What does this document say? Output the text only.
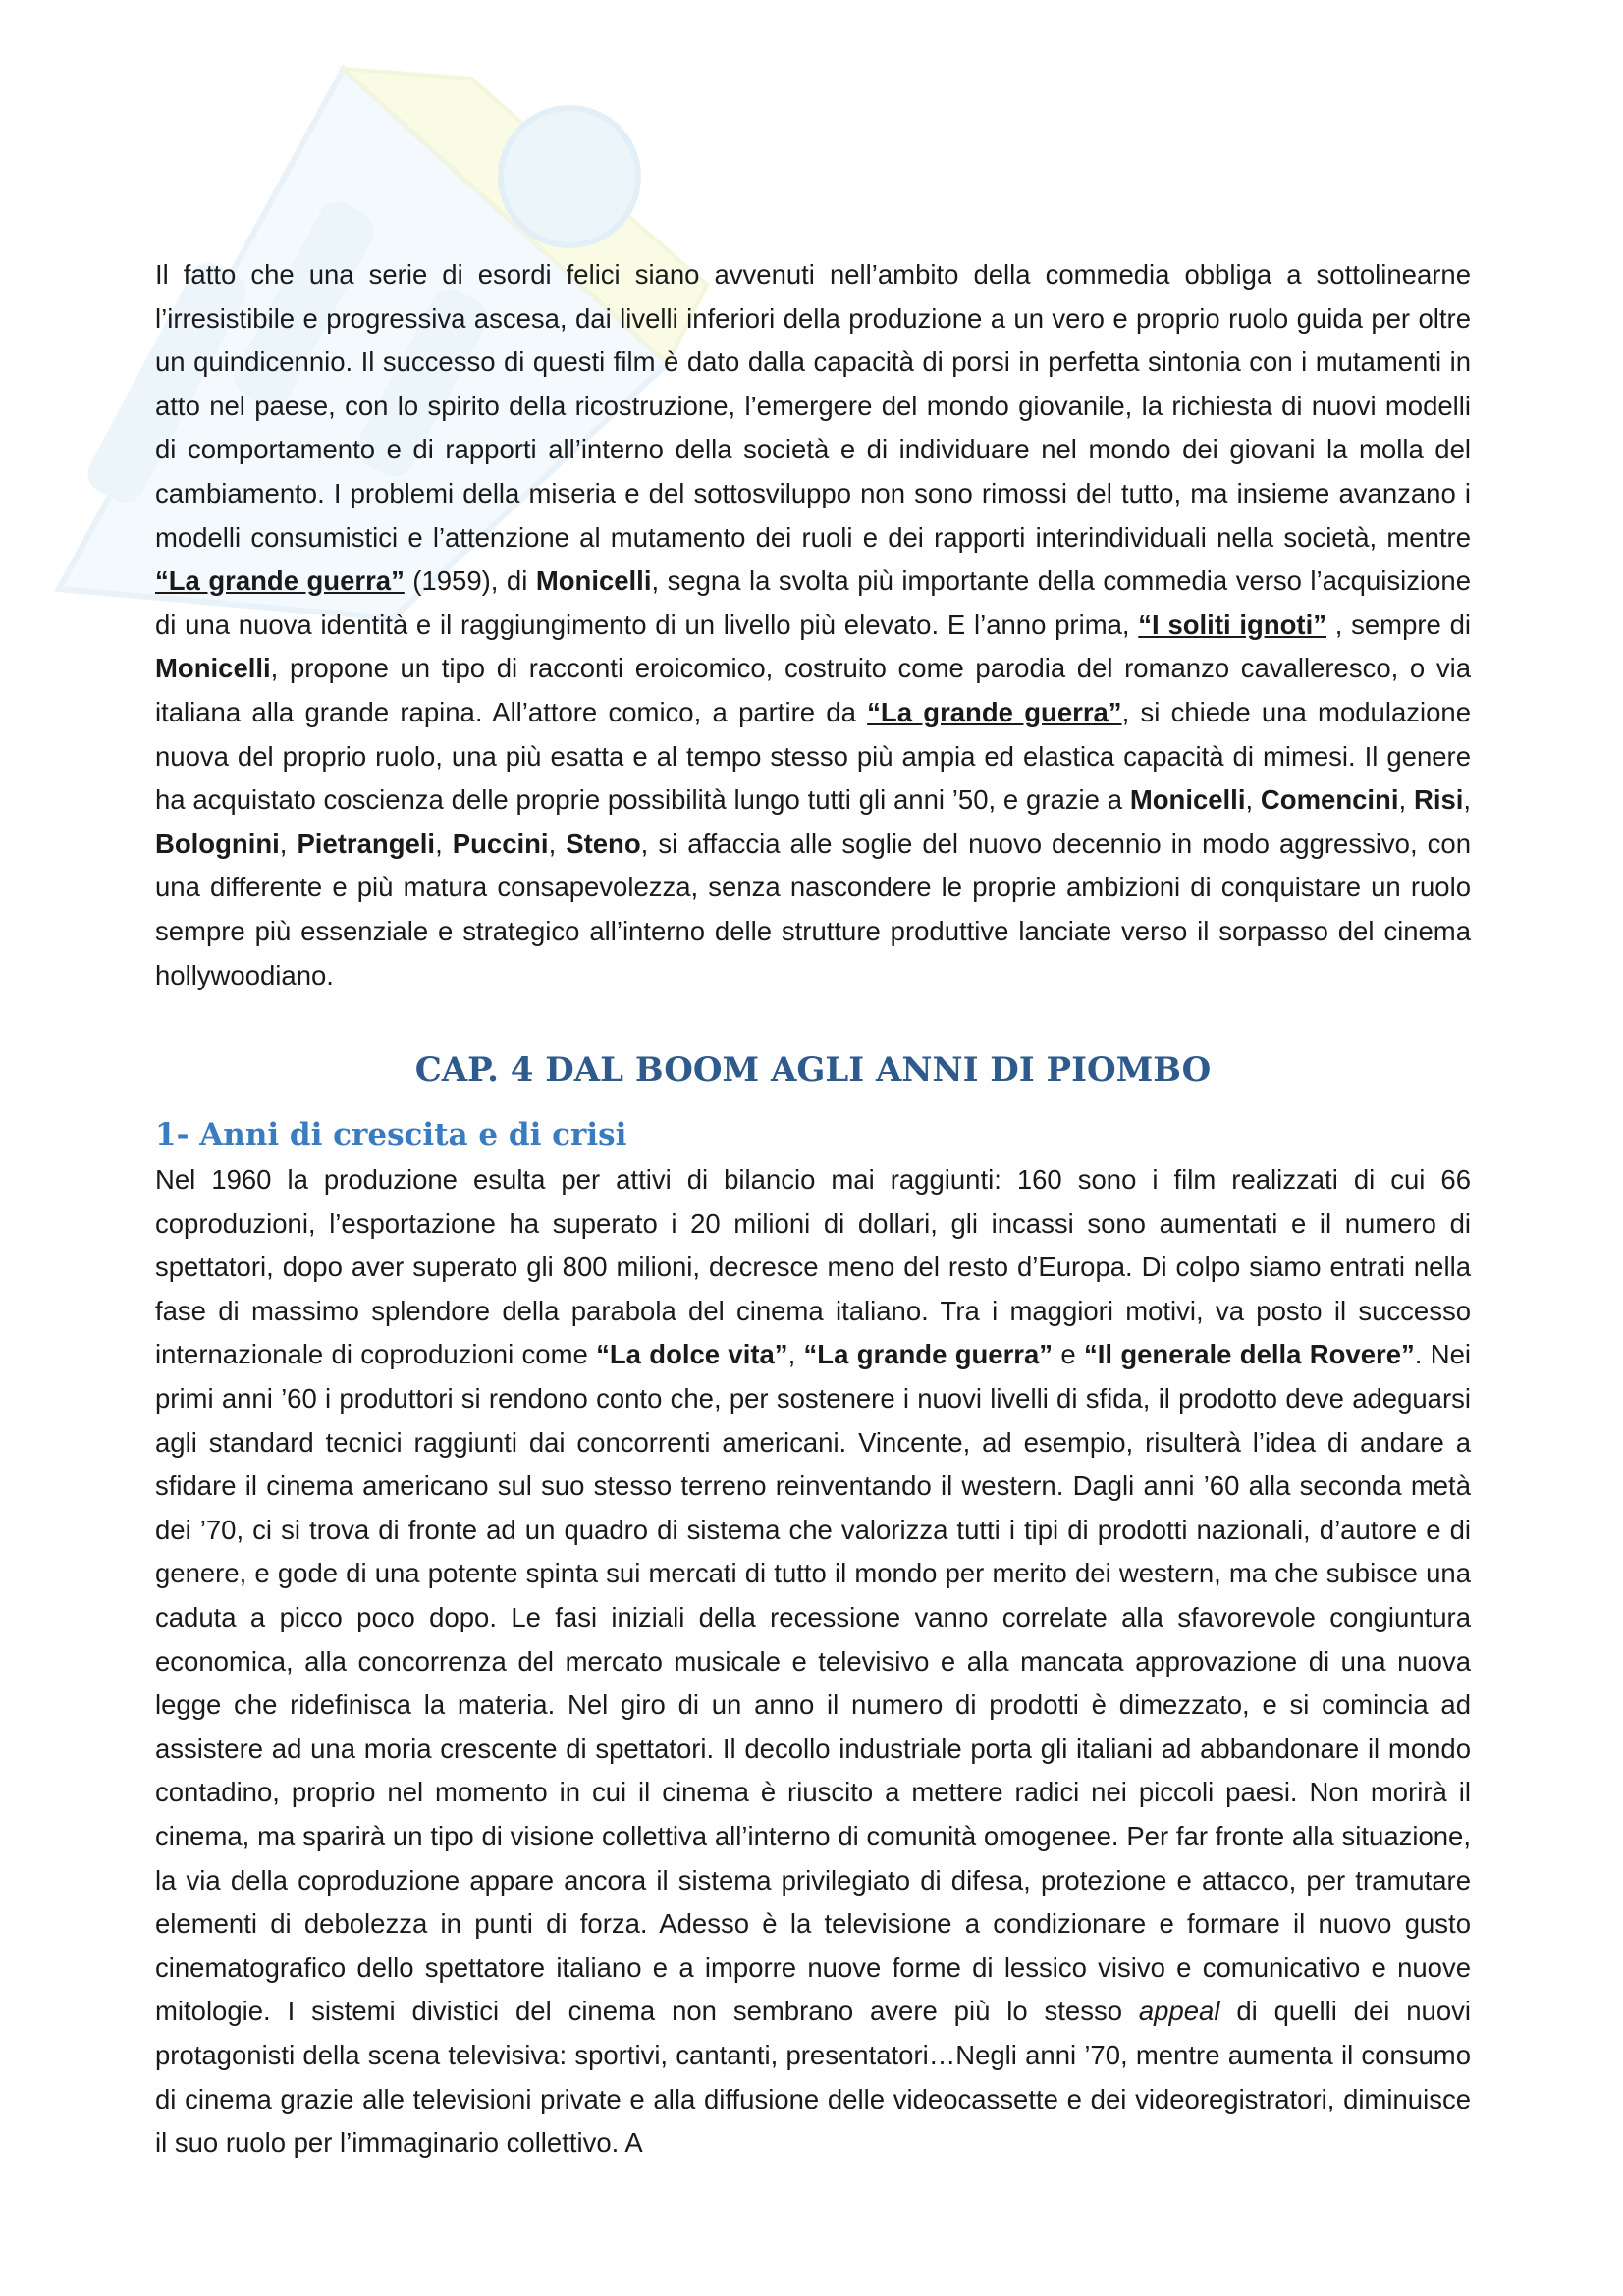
Il fatto che una serie di esordi felici siano avvenuti nell’ambito della commedia obbliga a sottolinearne l’irresistibile e progressiva ascesa, dai livelli inferiori della produzione a un vero e proprio ruolo guida per oltre un quindicennio. Il successo di questi film è dato dalla capacità di porsi in perfetta sintonia con i mutamenti in atto nel paese, con lo spirito della ricostruzione, l’emergere del mondo giovanile, la richiesta di nuovi modelli di comportamento e di rapporti all’interno della società e di individuare nel mondo dei giovani la molla del cambiamento. I problemi della miseria e del sottosviluppo non sono rimossi del tutto, ma insieme avanzano i modelli consumistici e l’attenzione al mutamento dei ruoli e dei rapporti interindividuali nella società, mentre “La grande guerra” (1959), di Monicelli, segna la svolta più importante della commedia verso l’acquisizione di una nuova identità e il raggiungimento di un livello più elevato. E l’anno prima, “I soliti ignoti” , sempre di Monicelli, propone un tipo di racconti eroicomico, costruito come parodia del romanzo cavalleresco, o via italiana alla grande rapina. All’attore comico, a partire da “La grande guerra”, si chiede una modulazione nuova del proprio ruolo, una più esatta e al tempo stesso più ampia ed elastica capacità di mimesi. Il genere ha acquistato coscienza delle proprie possibilità lungo tutti gli anni ’50, e grazie a Monicelli, Comencini, Risi, Bolognini, Pietrangeli, Puccini, Steno, si affaccia alle soglie del nuovo decennio in modo aggressivo, con una differente e più matura consapevolezza, senza nascondere le proprie ambizioni di conquistare un ruolo sempre più essenziale e strategico all’interno delle strutture produttive lanciate verso il sorpasso del cinema hollywoodiano.

CAP. 4 DAL BOOM AGLI ANNI DI PIOMBO
1- Anni di crescita e di crisi

Nel 1960 la produzione esulta per attivi di bilancio mai raggiunti: 160 sono i film realizzati di cui 66 coproduzioni, l’esportazione ha superato i 20 milioni di dollari, gli incassi sono aumentati e il numero di spettatori, dopo aver superato gli 800 milioni, decresce meno del resto d’Europa. Di colpo siamo entrati nella fase di massimo splendore della parabola del cinema italiano. Tra i maggiori motivi, va posto il successo internazionale di coproduzioni come “La dolce vita”, “La grande guerra” e “Il generale della Rovere”. Nei primi anni ’60 i produttori si rendono conto che, per sostenere i nuovi livelli di sfida, il prodotto deve adeguarsi agli standard tecnici raggiunti dai concorrenti americani. Vincente, ad esempio, risulterà l’idea di andare a sfidare il cinema americano sul suo stesso terreno reinventando il western. Dagli anni ’60 alla seconda metà dei ’70, ci si trova di fronte ad un quadro di sistema che valorizza tutti i tipi di prodotti nazionali, d’autore e di genere, e gode di una potente spinta sui mercati di tutto il mondo per merito dei western, ma che subisce una caduta a picco poco dopo. Le fasi iniziali della recessione vanno correlate alla sfavorevole congiuntura economica, alla concorrenza del mercato musicale e televisivo e alla mancata approvazione di una nuova legge che ridefinisca la materia. Nel giro di un anno il numero di prodotti è dimezzato, e si comincia ad assistere ad una moria crescente di spettatori. Il decollo industriale porta gli italiani ad abbandonare il mondo contadino, proprio nel momento in cui il cinema è riuscito a mettere radici nei piccoli paesi. Non morirà il cinema, ma sparirà un tipo di visione collettiva all’interno di comunità omogenee. Per far fronte alla situazione, la via della coproduzione appare ancora il sistema privilegiato di difesa, protezione e attacco, per tramutare elementi di debolezza in punti di forza. Adesso è la televisione a condizionare e formare il nuovo gusto cinematografico dello spettatore italiano e a imporre nuove forme di lessico visivo e comunicativo e nuove mitologie. I sistemi divistici del cinema non sembrano avere più lo stesso appeal di quelli dei nuovi protagonisti della scena televisiva: sportivi, cantanti, presentatori…Negli anni ’70, mentre aumenta il consumo di cinema grazie alle televisioni private e alla diffusione delle videocassette e dei videoregistratori, diminuisce il suo ruolo per l’immaginario collettivo. A
